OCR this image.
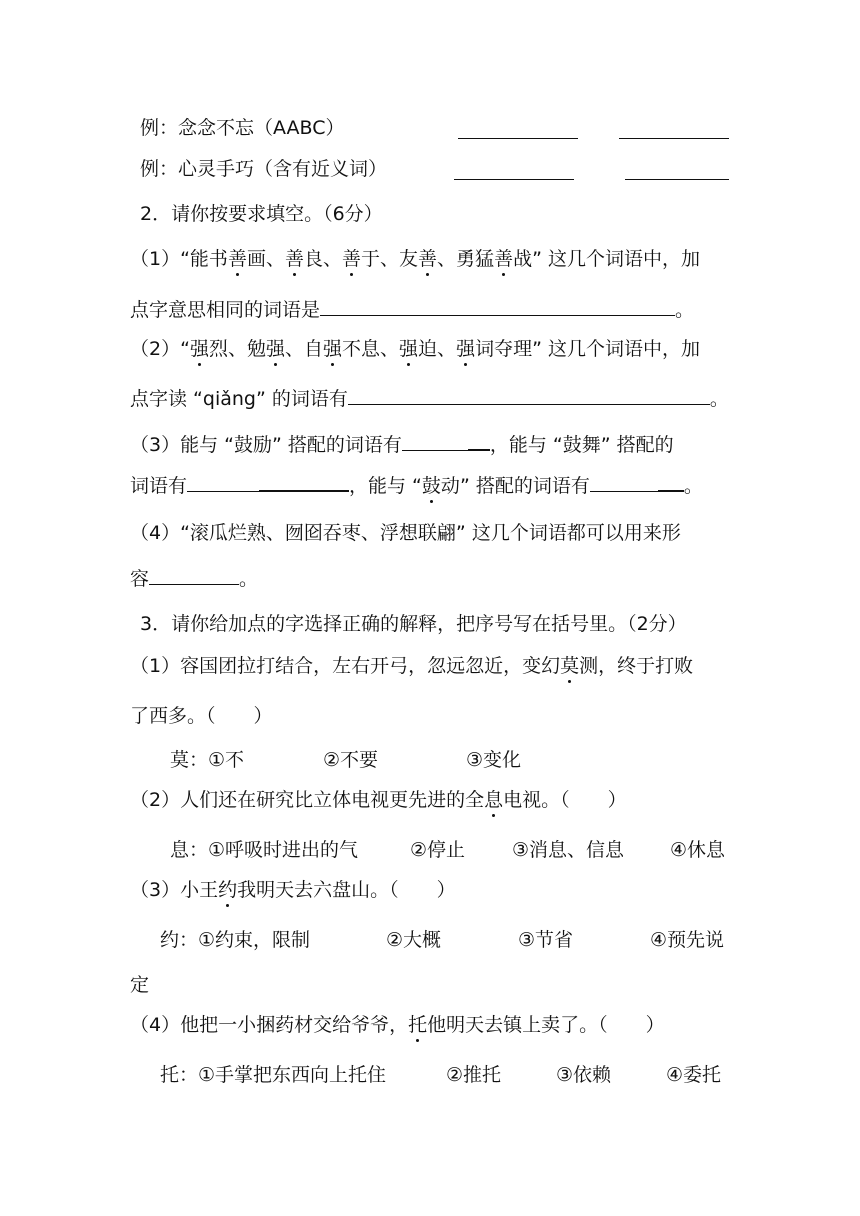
例：念念不忘（AABC）
例：心灵手巧（含有近义词）
2．请你按要求填空。（6分）
（1）“能书善画、善良、善于、友善、勇猛善战” 这几个词语中，加
点字意思相同的词语是	。
（2）“强烈、勉强、自强不息、强迫、强词夺理” 这几个词语中，加
点字读 “qiǎng” 的词语有	。
（3）能与 “鼓励” 搭配的词语有	，能与 “鼓舞” 搭配的
词语有	，能与 “鼓动” 搭配的词语有	。
（4）“滚瓜烂熟、囫囵吞枣、浮想联翩” 这几个词语都可以用来形
容	。
3．请你给加点的字选择正确的解释，把序号写在括号里。（2分）
（1）容国团拉打结合，左右开弓，忽远忽近，变幻莫测，终于打败
了西多。（　　）
莫：①不	②不要	③变化
（2）人们还在研究比立体电视更先进的全息电视。（　　）
息：①呼吸时进出的气	②停止 ③消息、信息 ④休息
（3）小王约我明天去六盘山。（　　）
约：①约束，限制	②大概	③节省	④预先说
定
（4）他把一小捆药材交给爷爷，托他明天去镇上卖了。（　　）
托：①手掌把东西向上托住	②推托	③依赖	④委托
